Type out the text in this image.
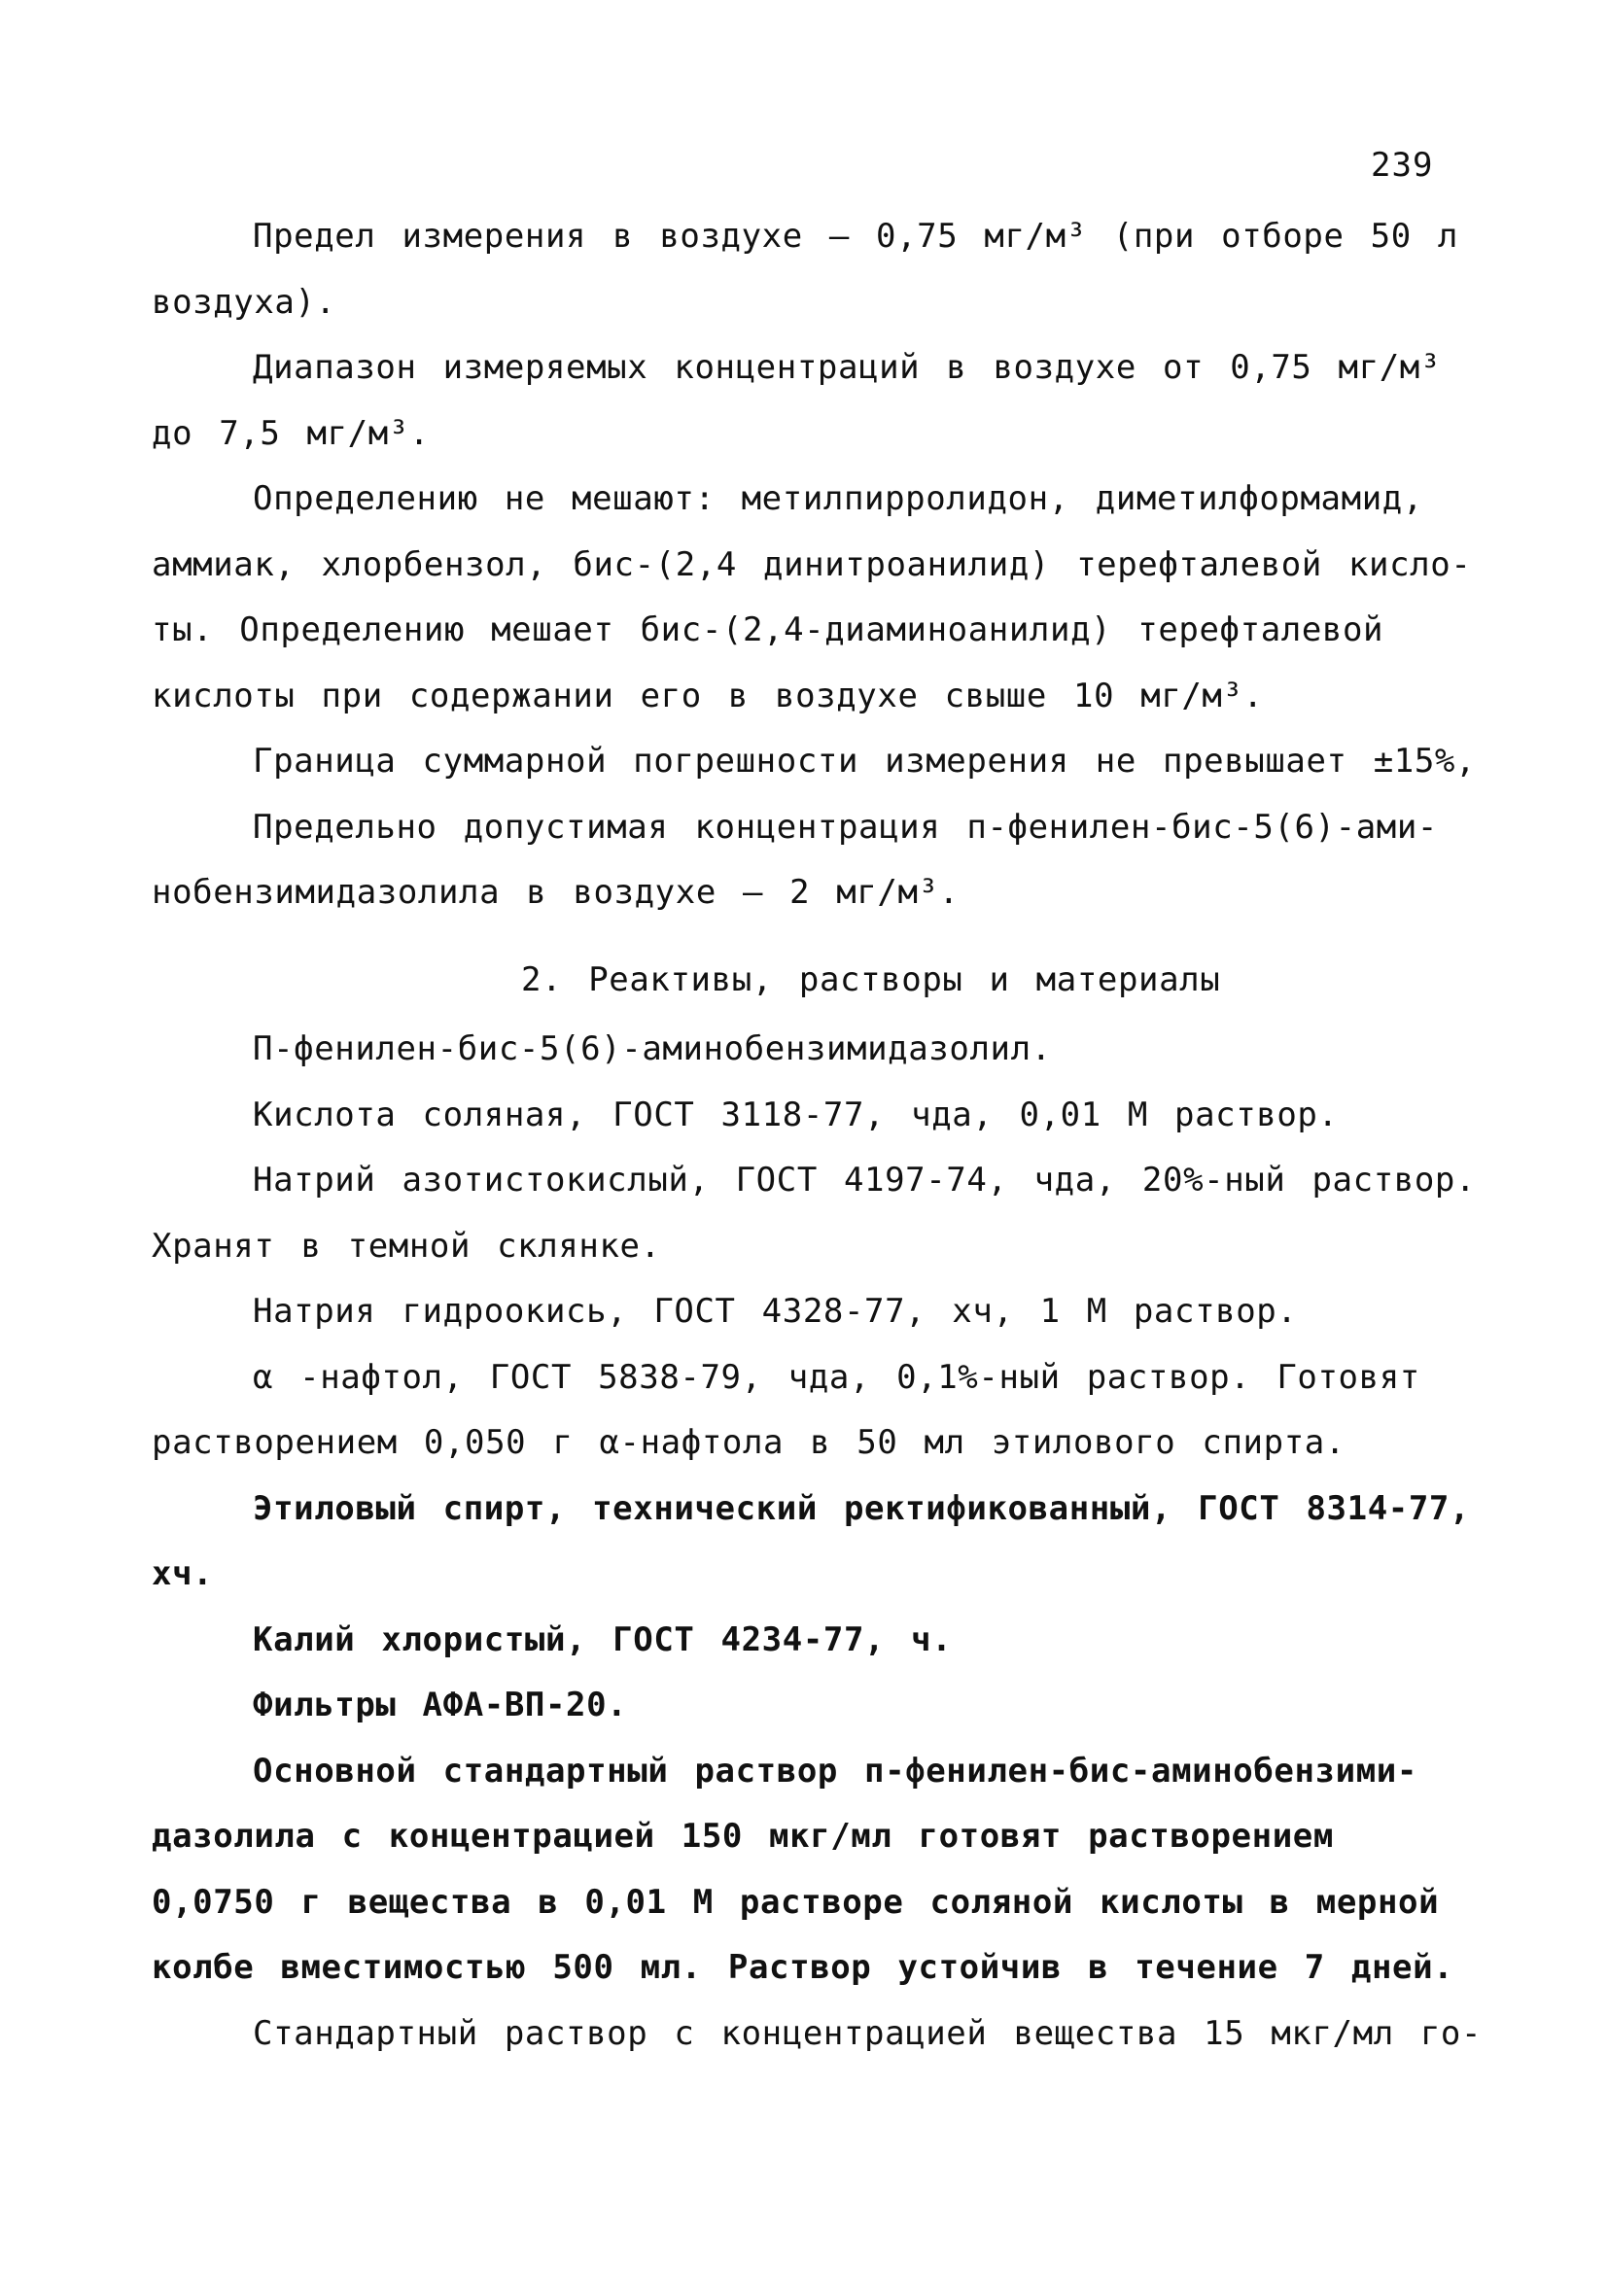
239

Предел измерения в воздухе – 0,75 мг/м³ (при отборе 50 л
воздуха).

Диапазон измеряемых концентраций в воздухе от 0,75 мг/м³
до 7,5 мг/м³.

Определению не мешают: метилпирролидон, диметилформамид,
аммиак, хлорбензол, бис-(2,4 динитроанилид) терефталевой кисло-
ты. Определению мешает бис-(2,4-диаминоанилид) терефталевой
кислоты при содержании его в воздухе свыше 10 мг/м³.

Граница суммарной погрешности измерения не превышает ±15%,

Предельно допустимая концентрация п-фенилен-бис-5(6)-ами-
нобензимидазолила в воздухе – 2 мг/м³.

2. Реактивы, растворы и материалы

П-фенилен-бис-5(6)-аминобензимидазолил.

Кислота соляная, ГОСТ 3118-77, чда, 0,01 М раствор.

Натрий азотистокислый, ГОСТ 4197-74, чда, 20%-ный раствор.
Хранят в темной склянке.

Натрия гидроокись, ГОСТ 4328-77, хч, 1 М раствор.

α -нафтол, ГОСТ 5838-79, чда, 0,1%-ный раствор. Готовят
растворением 0,050 г α-нафтола в 50 мл этилового спирта.

Этиловый спирт, технический ректификованный, ГОСТ 8314-77,
хч.

Калий хлористый, ГОСТ 4234-77, ч.

Фильтры АФА-ВП-20.

Основной стандартный раствор п-фенилен-бис-аминобензими-
дазолила с концентрацией 150 мкг/мл готовят растворением
0,0750 г вещества в 0,01 М растворе соляной кислоты в мерной
колбе вместимостью 500 мл. Раствор устойчив в течение 7 дней.

Стандартный раствор с концентрацией вещества 15 мкг/мл го-
